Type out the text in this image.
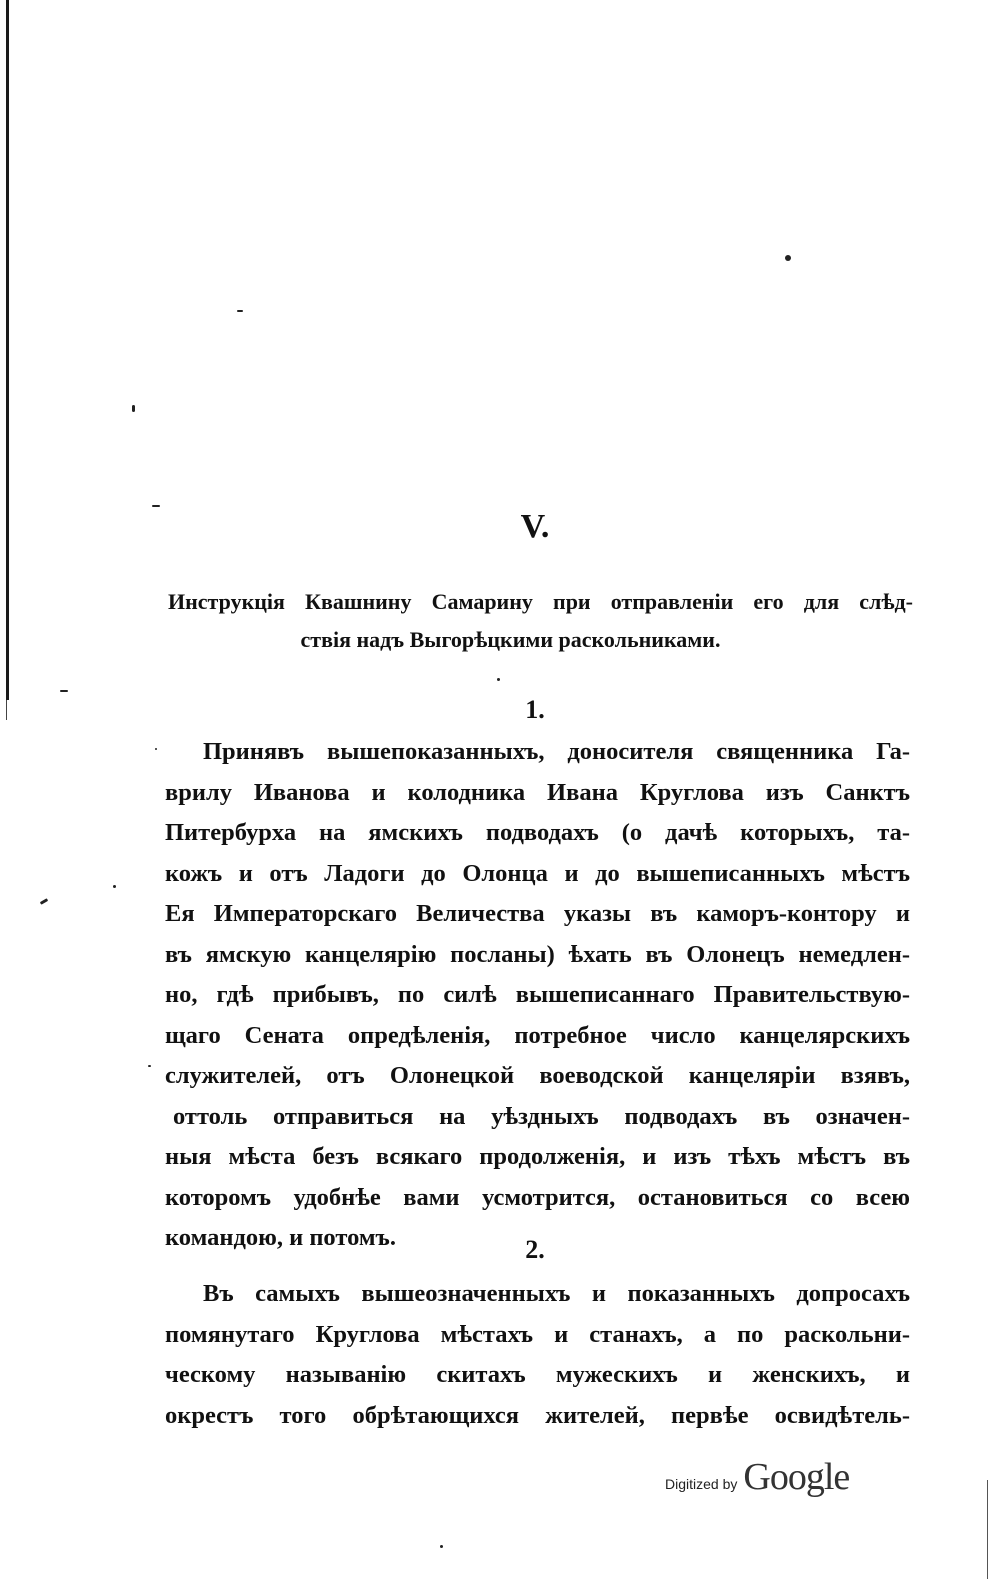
V.
Инструкція Квашнину Самарину при отправленіи его для слѣд-
ствія надъ Выгорѣцкими раскольниками.
1.
Принявъ вышепоказанныхъ, доносителя священника Га-
врилу Иванова и колодника Ивана Круглова изъ Санктъ
Питербурха на ямскихъ подводахъ (о дачѣ которыхъ, та-
кожъ и отъ Ладоги до Олонца и до вышеписанныхъ мѣстъ
Ея Императорскаго Величества указы въ каморъ-контору и
въ ямскую канцелярію посланы) ѣхать въ Олонецъ немедлен-
но, гдѣ прибывъ, по силѣ вышеписаннаго Правительствую-
щаго Сената опредѣленія, потребное число канцелярскихъ
служителей, отъ Олонецкой воеводской канцеляріи взявъ,
оттоль отправиться на уѣздныхъ подводахъ въ означен-
ныя мѣста безъ всякаго продолженія, и изъ тѣхъ мѣстъ въ
которомъ удобнѣе вами усмотрится, остановиться со всею
командою, и потомъ.	2.
Въ самыхъ вышеозначенныхъ и показанныхъ допросахъ
помянутаго Круглова мѣстахъ и станахъ, а по раскольни-
ческому называнію скитахъ мужескихъ и женскихъ, и
окрестъ того обрѣтающихся жителей, первѣе освидѣтель-
Digitized by Google
